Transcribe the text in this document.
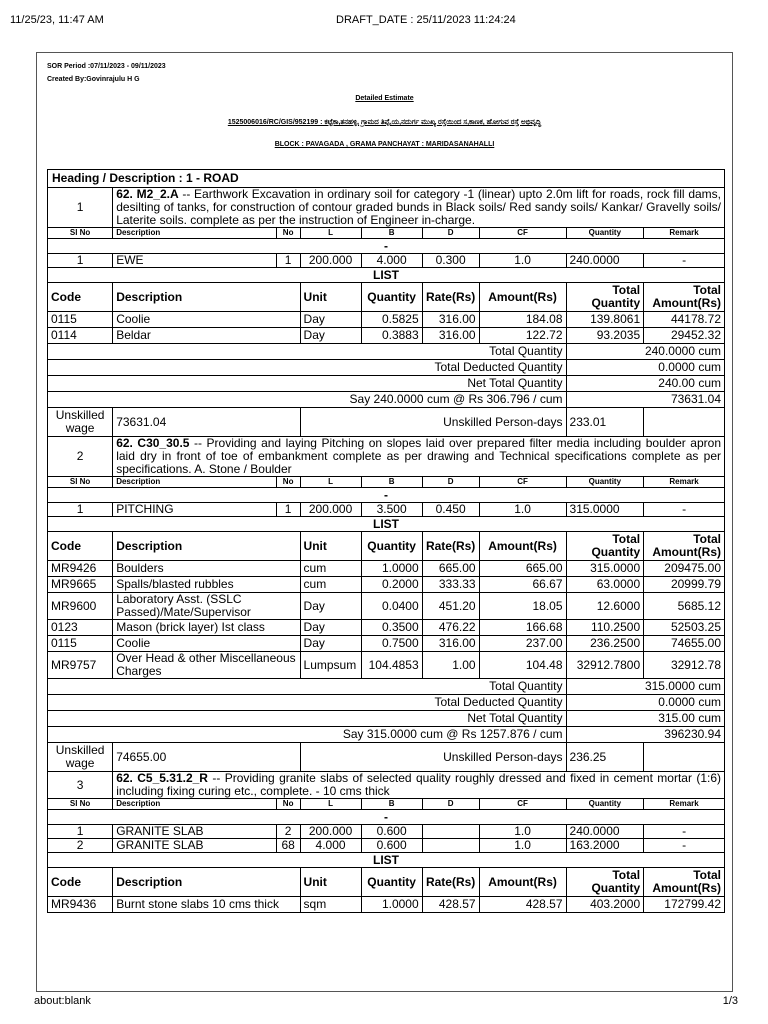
11/25/23, 11:47 AM	DRAFT_DATE : 25/11/2023 11:24:24
SOR Period :07/11/2023 - 09/11/2023
Created By:Govinrajulu H G
Detailed Estimate
1525006016/RC/GIS/952199 : ಕಟ್ಟೆಕಾ,ತನಹಳ್ಳಿ, ಗ್ರಾಮದ ತಿಪ್ಪೆ,ಯ,ನದುರ್ಗ ಮುಖ್ಯ ರಸ್ತೆಯಿಂದ ಸ,ಕಾಣಕ, ಹೋಗುವ ರಸ್ತೆ ಅಭಿವೃದ್ಧಿ
BLOCK : PAVAGADA , GRAMA PANCHAYAT : MARIDASANAHALLI
Heading / Description : 1 - ROAD								
1	62. M2_2.A -- Earthwork Excavation in ordinary soil for category -1 (linear) upto 2.0m lift for roads, rock fill dams, desilting of tanks, for construction of contour graded bunds in Black soils/ Red sandy soils/ Kankar/ Gravelly soils/ Laterite soils. complete as per the instruction of Engineer in-charge.							
Sl No	Description	No	L	B	D	CF	Quantity	Remark
-								
1	EWE	1	200.000	4.000	0.300	1.0	240.0000	-
LIST								
Code	Description		Unit	Quantity	Rate(Rs)	Amount(Rs)	Total Quantity	Total Amount(Rs)
0115	Coolie		Day	0.5825	316.00	184.08	139.8061	44178.72
0114	Beldar		Day	0.3883	316.00	122.72	93.2035	29452.32
Total Quantity							240.0000 cum	
Total Deducted Quantity							0.0000 cum	
Net Total Quantity							240.00 cum	
Say 240.0000 cum @ Rs 306.796 / cum							73631.04	
Unskilled wage	73631.04		Unskilled Person-days				233.01	
2	62. C30_30.5 -- Providing and laying Pitching on slopes laid over prepared filter media including boulder apron laid dry in front of toe of embankment complete as per drawing and Technical specifications complete as per specifications. A. Stone / Boulder							
Sl No	Description	No	L	B	D	CF	Quantity	Remark
-								
1	PITCHING	1	200.000	3.500	0.450	1.0	315.0000	-
LIST								
Code	Description		Unit	Quantity	Rate(Rs)	Amount(Rs)	Total Quantity	Total Amount(Rs)
MR9426	Boulders		cum	1.0000	665.00	665.00	315.0000	209475.00
MR9665	Spalls/blasted rubbles		cum	0.2000	333.33	66.67	63.0000	20999.79
MR9600	Laboratory Asst. (SSLC Passed)/Mate/Supervisor		Day	0.0400	451.20	18.05	12.6000	5685.12
0123	Mason (brick layer) Ist class		Day	0.3500	476.22	166.68	110.2500	52503.25
0115	Coolie		Day	0.7500	316.00	237.00	236.2500	74655.00
MR9757	Over Head & other Miscellaneous Charges		Lumpsum	104.4853	1.00	104.48	32912.7800	32912.78
Total Quantity							315.0000 cum	
Total Deducted Quantity							0.0000 cum	
Net Total Quantity							315.00 cum	
Say 315.0000 cum @ Rs 1257.876 / cum							396230.94	
Unskilled wage	74655.00		Unskilled Person-days				236.25	
3	62. C5_5.31.2_R -- Providing granite slabs of selected quality roughly dressed and fixed in cement mortar (1:6) including fixing curing etc., complete. - 10 cms thick							
Sl No	Description	No	L	B	D	CF	Quantity	Remark
-								
1	GRANITE SLAB	2	200.000	0.600		1.0	240.0000	-
2	GRANITE SLAB	68	4.000	0.600		1.0	163.2000	-
LIST								
Code	Description		Unit	Quantity	Rate(Rs)	Amount(Rs)	Total Quantity	Total Amount(Rs)
MR9436	Burnt stone slabs 10 cms thick		sqm	1.0000	428.57	428.57	403.2000	172799.42
about:blank	1/3
